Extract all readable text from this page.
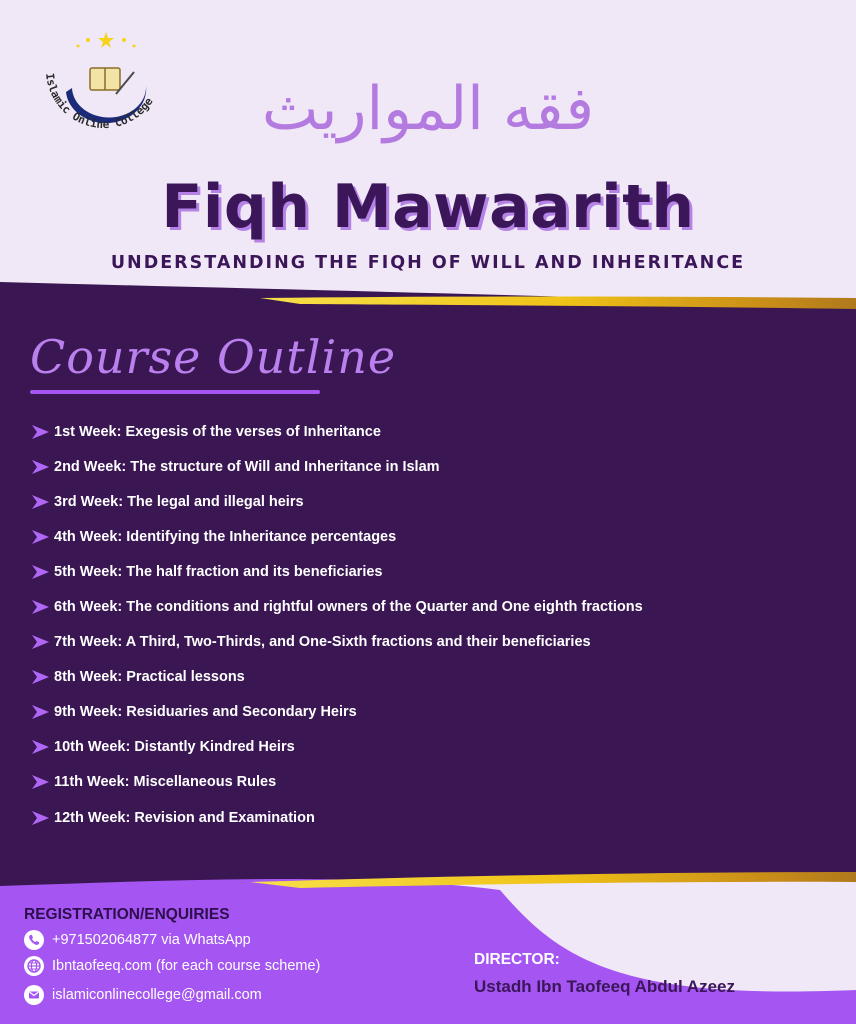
Islamic Online College	فقه المواريث
Fiqh Mawaarith
UNDERSTANDING THE FIQH OF WILL AND INHERITANCE
Course Outline
1st Week: Exegesis of the verses of Inheritance
2nd Week: The structure of Will and Inheritance in Islam
3rd Week: The legal and illegal heirs
4th Week: Identifying the Inheritance percentages
5th Week: The half fraction and its beneficiaries
6th Week: The conditions and rightful owners of the Quarter and One eighth fractions
7th Week: A Third, Two-Thirds, and One-Sixth fractions and their beneficiaries
8th Week: Practical lessons
9th Week: Residuaries and Secondary Heirs
10th Week: Distantly Kindred Heirs
11th Week: Miscellaneous Rules
12th Week: Revision and Examination
REGISTRATION/ENQUIRIES
+971502064877 via WhatsApp
Ibntaofeeq.com (for each course scheme)
islamiconlinecollege@gmail.com
DIRECTOR:
Ustadh Ibn Taofeeq Abdul Azeez
